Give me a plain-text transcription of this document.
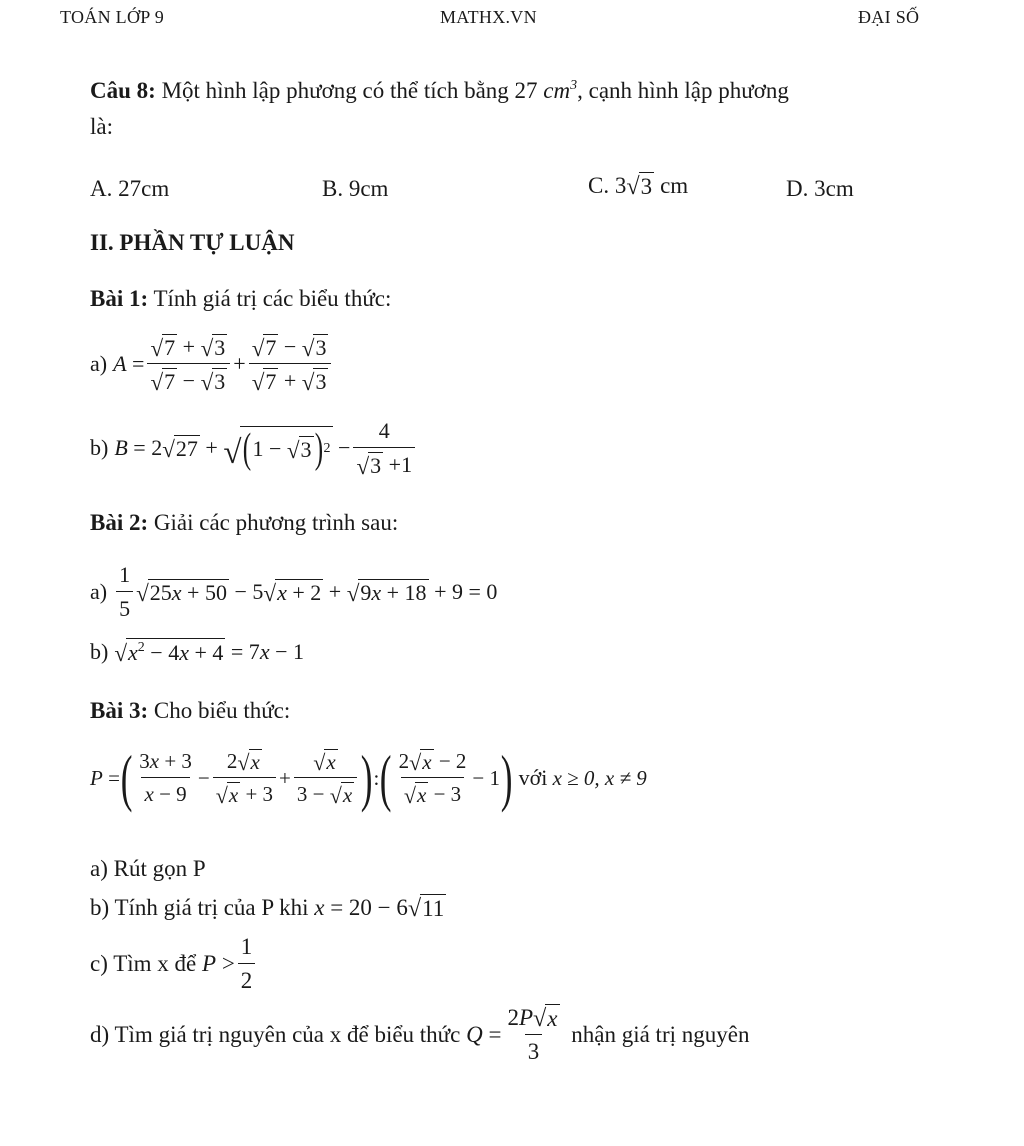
TOÁN LỚP 9	MATHX.VN	ĐẠI SỐ
Câu 8: Một hình lập phương có thể tích bằng 27 $cm^3$, cạnh hình lập phương
là:
A. 27cm	B. 9cm	C. 3 √ 3 cm	D. 3cm
II. PHẦN TỰ LUẬN
Bài 1: Tính giá trị các biểu thức:
a) $A = \frac{√ 7 + √ 3}{√ 7 - √ 3} + \frac{√ 7 - √ 3}{√ 7 + √ 3}$
b) B = 2 √ 27 + √ ( 1 − √ 3 ) $2 - \frac{4}{√ 3 +1}$
Bài 2: Giải các phương trình sau:
$a) \frac{1}{5}$ √ 25x + 50 − 5 √ x + 2 + √ 9x + 18 + 9 = 0
b) √ $x^2 - 4x + 4 = 7$ x − 1
Bài 3: Cho biểu thức:
P = ( $\frac{3x + 3}{x - 9} - \frac{2 √ x}{√ x + 3} + \frac{√ x}{3 - √ x}$ ) : ( $\frac{2 √ x - 2}{√ x - 3} - 1$ )
với
x ≥ 0, x ≠ 9
a) Rút gọn P
b) Tính giá trị của P khi
x = 20 − 6 √ 11
c) Tìm x để
$P > \frac{1}{2}$
d) Tìm giá trị nguyên của x để biểu thức
$Q = \frac{2 P √ x}{3}$
nhận giá trị nguyên
